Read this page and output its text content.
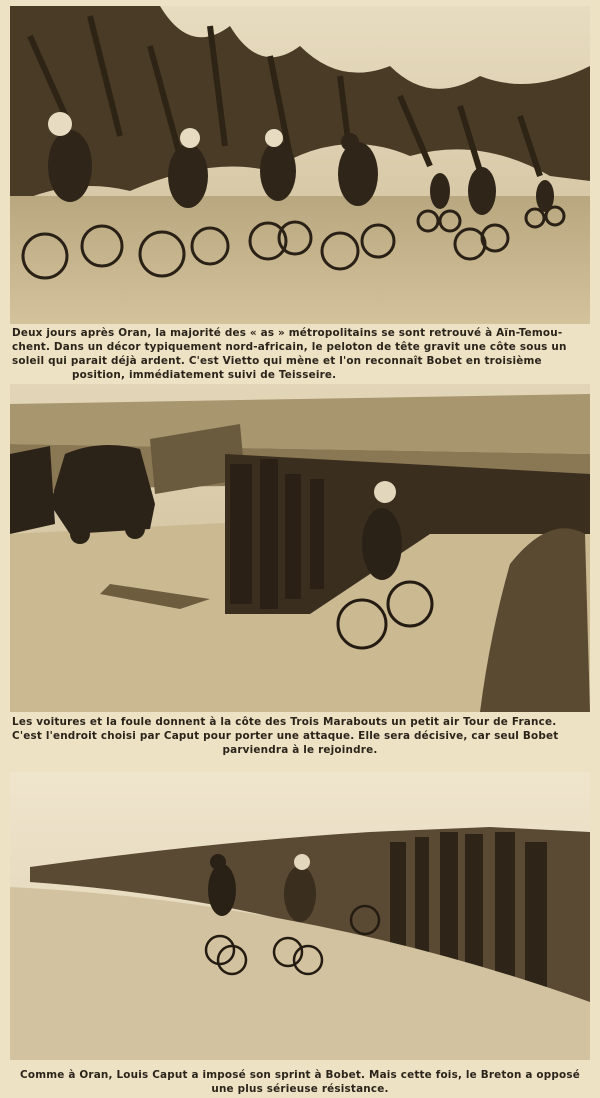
Deux jours après Oran, la majorité des « as » métropolitains se sont retrouvé à Aïn-Temou-
chent. Dans un décor typiquement nord-africain, le peloton de tête gravit une côte sous un
soleil qui parait déjà ardent. C'est Vietto qui mène et l'on reconnaît Bobet en troisième
position, immédiatement suivi de Teisseire.
Les voitures et la foule donnent à la côte des Trois Marabouts un petit air Tour de France.
C'est l'endroit choisi par Caput pour porter une attaque. Elle sera décisive, car seul Bobet
parviendra à le rejoindre.
Comme à Oran, Louis Caput a imposé son sprint à Bobet. Mais cette fois, le Breton a opposé
une plus sérieuse résistance.
